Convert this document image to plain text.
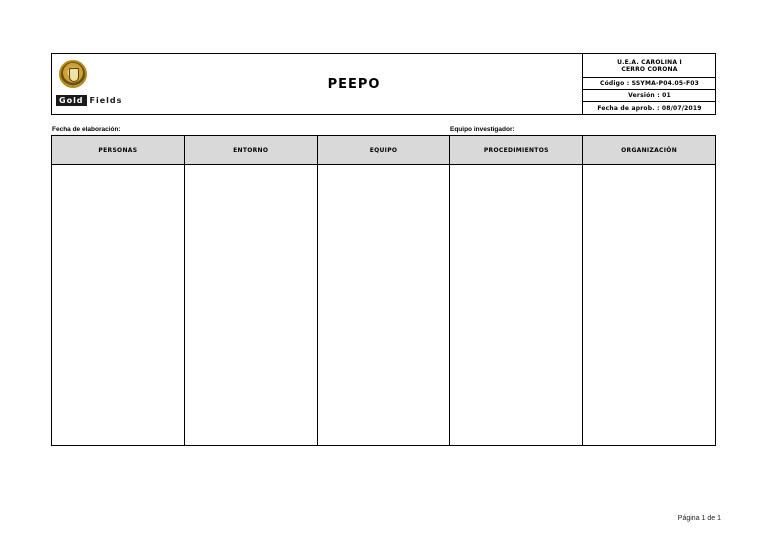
Gold Fields
PEEPO
U.E.A. CAROLINA I
CERRO CORONA
Código : SSYMA-P04.05-F03
Versión : 01
Fecha de aprob. : 08/07/2019
Fecha de elaboración:	Equipo investigador:
PERSONAS	ENTORNO	EQUIPO	PROCEDIMIENTOS	ORGANIZACIÓN
Página 1 de 1
